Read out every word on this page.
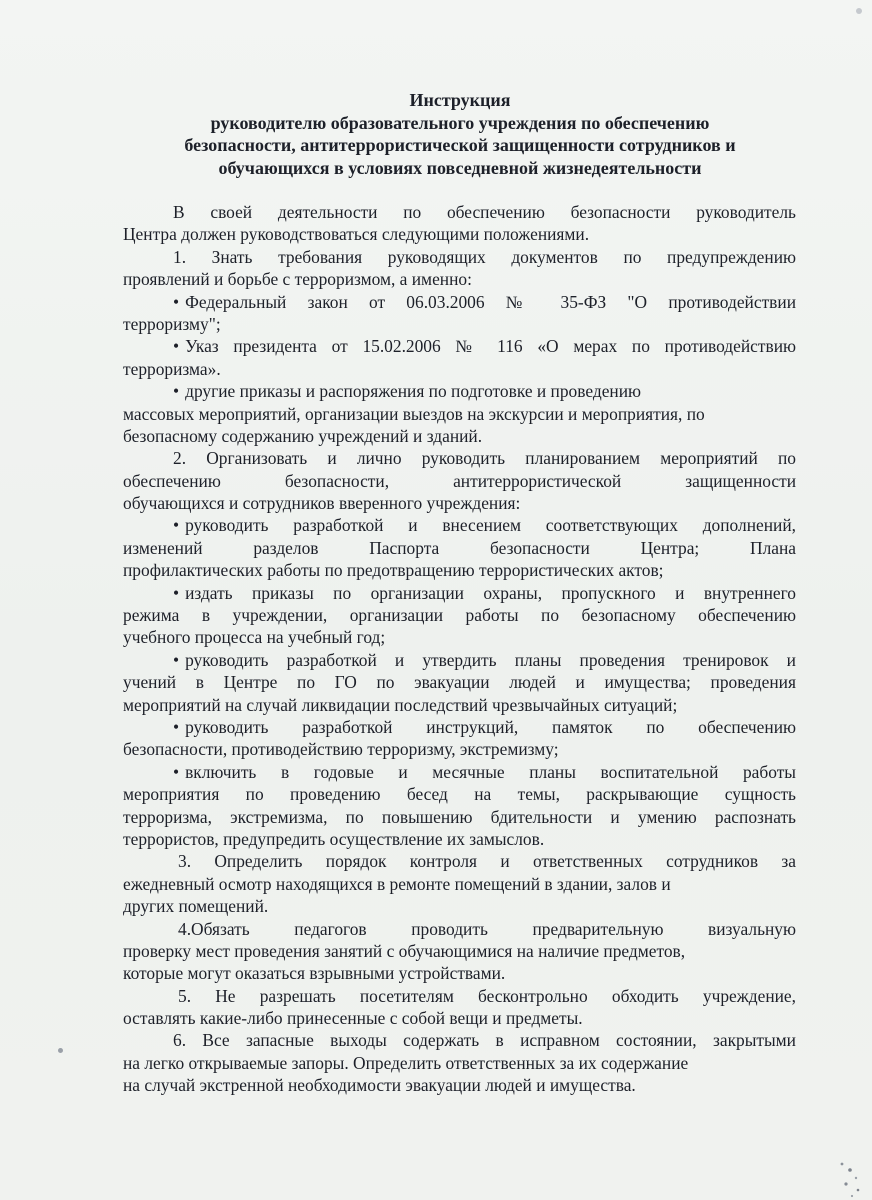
Инструкция
руководителю образовательного учреждения по обеспечению
безопасности, антитеррористической защищенности сотрудников и
обучающихся в условиях повседневной жизнедеятельности
В своей деятельности по обеспечению безопасности руководитель
Центра должен руководствоваться следующими положениями.
1. Знать требования руководящих документов по предупреждению
проявлений и борьбе с терроризмом, а именно:
• Федеральный закон от 06.03.2006 № 35-ФЗ "О противодействии
терроризму";
• Указ президента от 15.02.2006 № 116 «О мерах по противодействию
терроризма».
• другие приказы и распоряжения по подготовке и проведению
массовых мероприятий, организации выездов на экскурсии и мероприятия, по
безопасному содержанию учреждений и зданий.
2. Организовать и лично руководить планированием мероприятий по
обеспечению безопасности, антитеррористической защищенности
обучающихся и сотрудников вверенного учреждения:
• руководить разработкой и внесением соответствующих дополнений,
изменений разделов Паспорта безопасности Центра; Плана
профилактических работы по предотвращению террористических актов;
• издать приказы по организации охраны, пропускного и внутреннего
режима в учреждении, организации работы по безопасному обеспечению
учебного процесса на учебный год;
• руководить разработкой и утвердить планы проведения тренировок и
учений в Центре по ГО по эвакуации людей и имущества; проведения
мероприятий на случай ликвидации последствий чрезвычайных ситуаций;
• руководить разработкой инструкций, памяток по обеспечению
безопасности, противодействию терроризму, экстремизму;
• включить в годовые и месячные планы воспитательной работы
мероприятия по проведению бесед на темы, раскрывающие сущность
терроризма, экстремизма, по повышению бдительности и умению распознать
террористов, предупредить осуществление их замыслов.
3. Определить порядок контроля и ответственных сотрудников за
ежедневный осмотр находящихся в ремонте помещений в здании, залов и
других помещений.
4.Обязать педагогов проводить предварительную визуальную
проверку мест проведения занятий с обучающимися на наличие предметов,
которые могут оказаться взрывными устройствами.
5. Не разрешать посетителям бесконтрольно обходить учреждение,
оставлять какие-либо принесенные с собой вещи и предметы.
6. Все запасные выходы содержать в исправном состоянии, закрытыми
на легко открываемые запоры. Определить ответственных за их содержание
на случай экстренной необходимости эвакуации людей и имущества.
